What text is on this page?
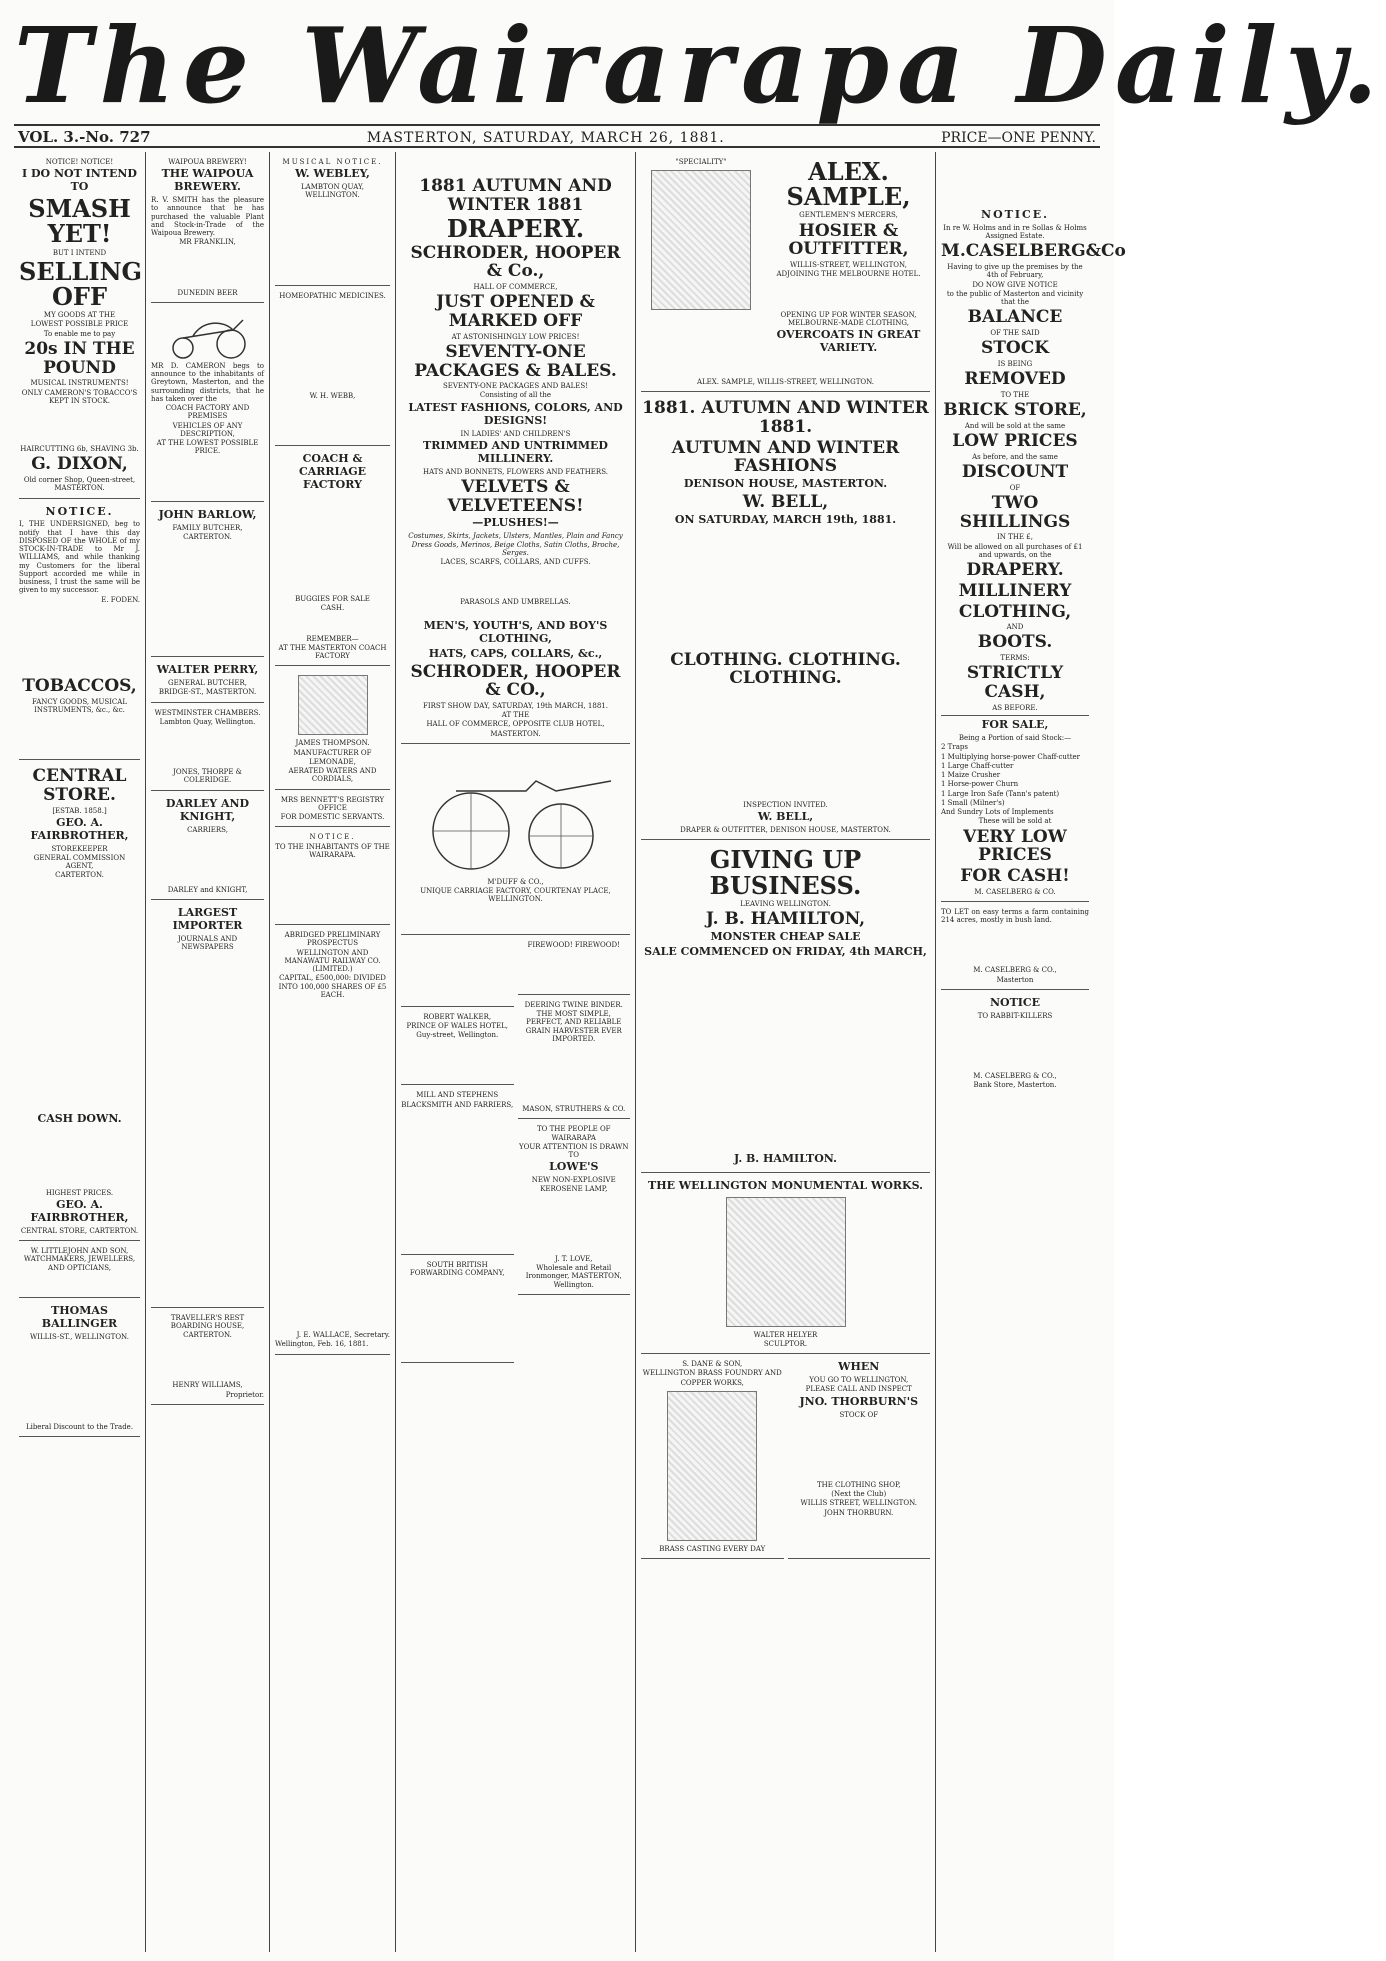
The Wairarapa Daily.
VOL. 3.-No. 727	MASTERTON, SATURDAY, MARCH 26, 1881.	PRICE—ONE PENNY.
NOTICE! NOTICE!
I DO NOT INTEND TO
SMASH YET!
BUT I INTEND
SELLING OFF
MY GOODS AT THE
LOWEST POSSIBLE PRICE
To enable me to pay
20s IN THE POUND
MUSICAL INSTRUMENTS!
ONLY CAMERON'S TOBACCO'S KEPT IN STOCK.
HAIRCUTTING 6b, SHAVING 3b.
G. DIXON,
Old corner Shop, Queen-street, MASTERTON.
NOTICE.
I, THE UNDERSIGNED, beg to notify that I have this day DISPOSED OF the WHOLE of my STOCK-IN-TRADE to Mr J. WILLIAMS, and while thanking my Customers for the liberal Support accorded me while in business, I trust the same will be given to my successor.
E. FODEN.
TOBACCOS,
FANCY GOODS, MUSICAL INSTRUMENTS, &c., &c.
CENTRAL STORE.
[ESTAB. 1858.]
GEO. A. FAIRBROTHER,
STOREKEEPER
GENERAL COMMISSION AGENT,
CARTERTON.
CASH DOWN.
HIGHEST PRICES.
GEO. A. FAIRBROTHER,
CENTRAL STORE, CARTERTON.
W. LITTLEJOHN AND SON, WATCHMAKERS, JEWELLERS, AND OPTICIANS,
THOMAS BALLINGER
WILLIS-ST., WELLINGTON.
Liberal Discount to the Trade.
WAIPOUA BREWERY!
THE WAIPOUA BREWERY.
R. V. SMITH has the pleasure to announce that he has purchased the valuable Plant and Stock-in-Trade of the Waipoua Brewery.
MR FRANKLIN,
DUNEDIN BEER
MR D. CAMERON begs to announce to the inhabitants of Greytown, Masterton, and the surrounding districts, that he has taken over the
COACH FACTORY AND PREMISES
VEHICLES OF ANY DESCRIPTION,
AT THE LOWEST POSSIBLE PRICE.
JOHN BARLOW,
FAMILY BUTCHER,
CARTERTON.
WALTER PERRY,
GENERAL BUTCHER,
BRIDGE-ST., MASTERTON.
WESTMINSTER CHAMBERS.
Lambton Quay, Wellington.
JONES, THORPE & COLERIDGE.
DARLEY AND KNIGHT,
CARRIERS,
DARLEY and KNIGHT,
LARGEST IMPORTER
JOURNALS AND NEWSPAPERS
TRAVELLER'S REST BOARDING HOUSE,
CARTERTON.
HENRY WILLIAMS,
Proprietor.
MUSICAL NOTICE.
W. WEBLEY,
LAMBTON QUAY, WELLINGTON.
HOMEOPATHIC MEDICINES.
W. H. WEBB,
COACH & CARRIAGE FACTORY
BUGGIES FOR SALE
CASH.
REMEMBER—
AT THE MASTERTON COACH FACTORY
JAMES THOMPSON.
MANUFACTURER OF
LEMONADE,
AERATED WATERS AND CORDIALS,
MRS BENNETT'S REGISTRY OFFICE
FOR DOMESTIC SERVANTS.
NOTICE.
TO THE INHABITANTS OF THE WAIRARAPA.
ABRIDGED PRELIMINARY PROSPECTUS
WELLINGTON AND MANAWATU RAILWAY CO. (LIMITED.)
CAPITAL, £500,000: DIVIDED INTO 100,000 SHARES OF £5 EACH.
J. E. WALLACE, Secretary.
Wellington, Feb. 16, 1881.
1881 AUTUMN AND WINTER 1881
DRAPERY.
SCHRODER, HOOPER & Co.,
HALL OF COMMERCE,
JUST OPENED & MARKED OFF
AT ASTONISHINGLY LOW PRICES!
SEVENTY-ONE PACKAGES & BALES.
SEVENTY-ONE PACKAGES AND BALES!
Consisting of all the
LATEST FASHIONS, COLORS, AND DESIGNS!
IN LADIES' AND CHILDREN'S
TRIMMED AND UNTRIMMED MILLINERY.
HATS AND BONNETS, FLOWERS AND FEATHERS.
VELVETS & VELVETEENS!
—PLUSHES!—
Costumes, Skirts, Jackets, Ulsters, Mantles, Plain and Fancy Dress Goods, Merinos, Beige Cloths, Satin Cloths, Broche, Serges.
LACES, SCARFS, COLLARS, AND CUFFS.
PARASOLS AND UMBRELLAS.
MEN'S, YOUTH'S, AND BOY'S CLOTHING,
HATS, CAPS, COLLARS, &c.,
SCHRODER, HOOPER & CO.,
FIRST SHOW DAY, SATURDAY, 19th MARCH, 1881.
AT THE
HALL OF COMMERCE, OPPOSITE CLUB HOTEL,
MASTERTON.
M'DUFF & CO.,
UNIQUE CARRIAGE FACTORY, COURTENAY PLACE, WELLINGTON.
ROBERT WALKER,
PRINCE OF WALES HOTEL,
Guy-street, Wellington.
MILL AND STEPHENS
BLACKSMITH AND FARRIERS,
SOUTH BRITISH FORWARDING COMPANY,
FIREWOOD! FIREWOOD!
DEERING TWINE BINDER.
THE MOST SIMPLE, PERFECT, AND RELIABLE GRAIN HARVESTER EVER IMPORTED.
MASON, STRUTHERS & CO.
TO THE PEOPLE OF WAIRARAPA
YOUR ATTENTION IS DRAWN TO
LOWE'S
NEW NON-EXPLOSIVE KEROSENE LAMP,
J. T. LOVE,
Wholesale and Retail Ironmonger, MASTERTON, Wellington.
"SPECIALITY"	ALEX. SAMPLE,
GENTLEMEN'S MERCERS,
HOSIER & OUTFITTER,
WILLIS-STREET, WELLINGTON,
ADJOINING THE MELBOURNE HOTEL.
OPENING UP FOR WINTER SEASON, MELBOURNE-MADE CLOTHING,
OVERCOATS IN GREAT VARIETY.
ALEX. SAMPLE, WILLIS-STREET, WELLINGTON.
1881. AUTUMN AND WINTER 1881.
AUTUMN AND WINTER FASHIONS
DENISON HOUSE, MASTERTON.
W. BELL,
ON SATURDAY, MARCH 19th, 1881.
CLOTHING. CLOTHING. CLOTHING.
INSPECTION INVITED.
W. BELL,
DRAPER & OUTFITTER, DENISON HOUSE, MASTERTON.
GIVING UP BUSINESS.
LEAVING WELLINGTON.
J. B. HAMILTON,
MONSTER CHEAP SALE
SALE COMMENCED ON FRIDAY, 4th MARCH,
J. B. HAMILTON.
THE WELLINGTON MONUMENTAL WORKS.
WALTER HELYER
SCULPTOR.
S. DANE & SON,
WELLINGTON BRASS FOUNDRY AND
COPPER WORKS,
BRASS CASTING EVERY DAY
WHEN
YOU GO TO WELLINGTON,
PLEASE CALL AND INSPECT
JNO. THORBURN'S
STOCK OF
THE CLOTHING SHOP,
(Next the Club)
WILLIS STREET, WELLINGTON.
JOHN THORBURN.
NOTICE.
In re W. Holms and in re Sollas & Holms Assigned Estate.
M.CASELBERG&Co
Having to give up the premises by the 4th of February,
DO NOW GIVE NOTICE
to the public of Masterton and vicinity that the
BALANCE
OF THE SAID
STOCK
IS BEING
REMOVED
TO THE
BRICK STORE,
And will be sold at the same
LOW PRICES
As before, and the same
DISCOUNT
OF
TWO SHILLINGS
IN THE £,
Will be allowed on all purchases of £1 and upwards, on the
DRAPERY.
MILLINERY
CLOTHING,
AND
BOOTS.
TERMS:
STRICTLY CASH,
AS BEFORE.
FOR SALE,
Being a Portion of said Stock:—
2 Traps
1 Multiplying horse-power Chaff-cutter
1 Large Chaff-cutter
1 Maize Crusher
1 Horse-power Churn
1 Large Iron Safe (Tann's patent)
1 Small (Milner's)
And Sundry Lots of Implements
These will be sold at
VERY LOW PRICES
FOR CASH!
M. CASELBERG & CO.
TO LET on easy terms a farm containing 214 acres, mostly in bush land.
M. CASELBERG & CO.,
Masterton
NOTICE
TO RABBIT-KILLERS
M. CASELBERG & CO.,
Bank Store, Masterton.
